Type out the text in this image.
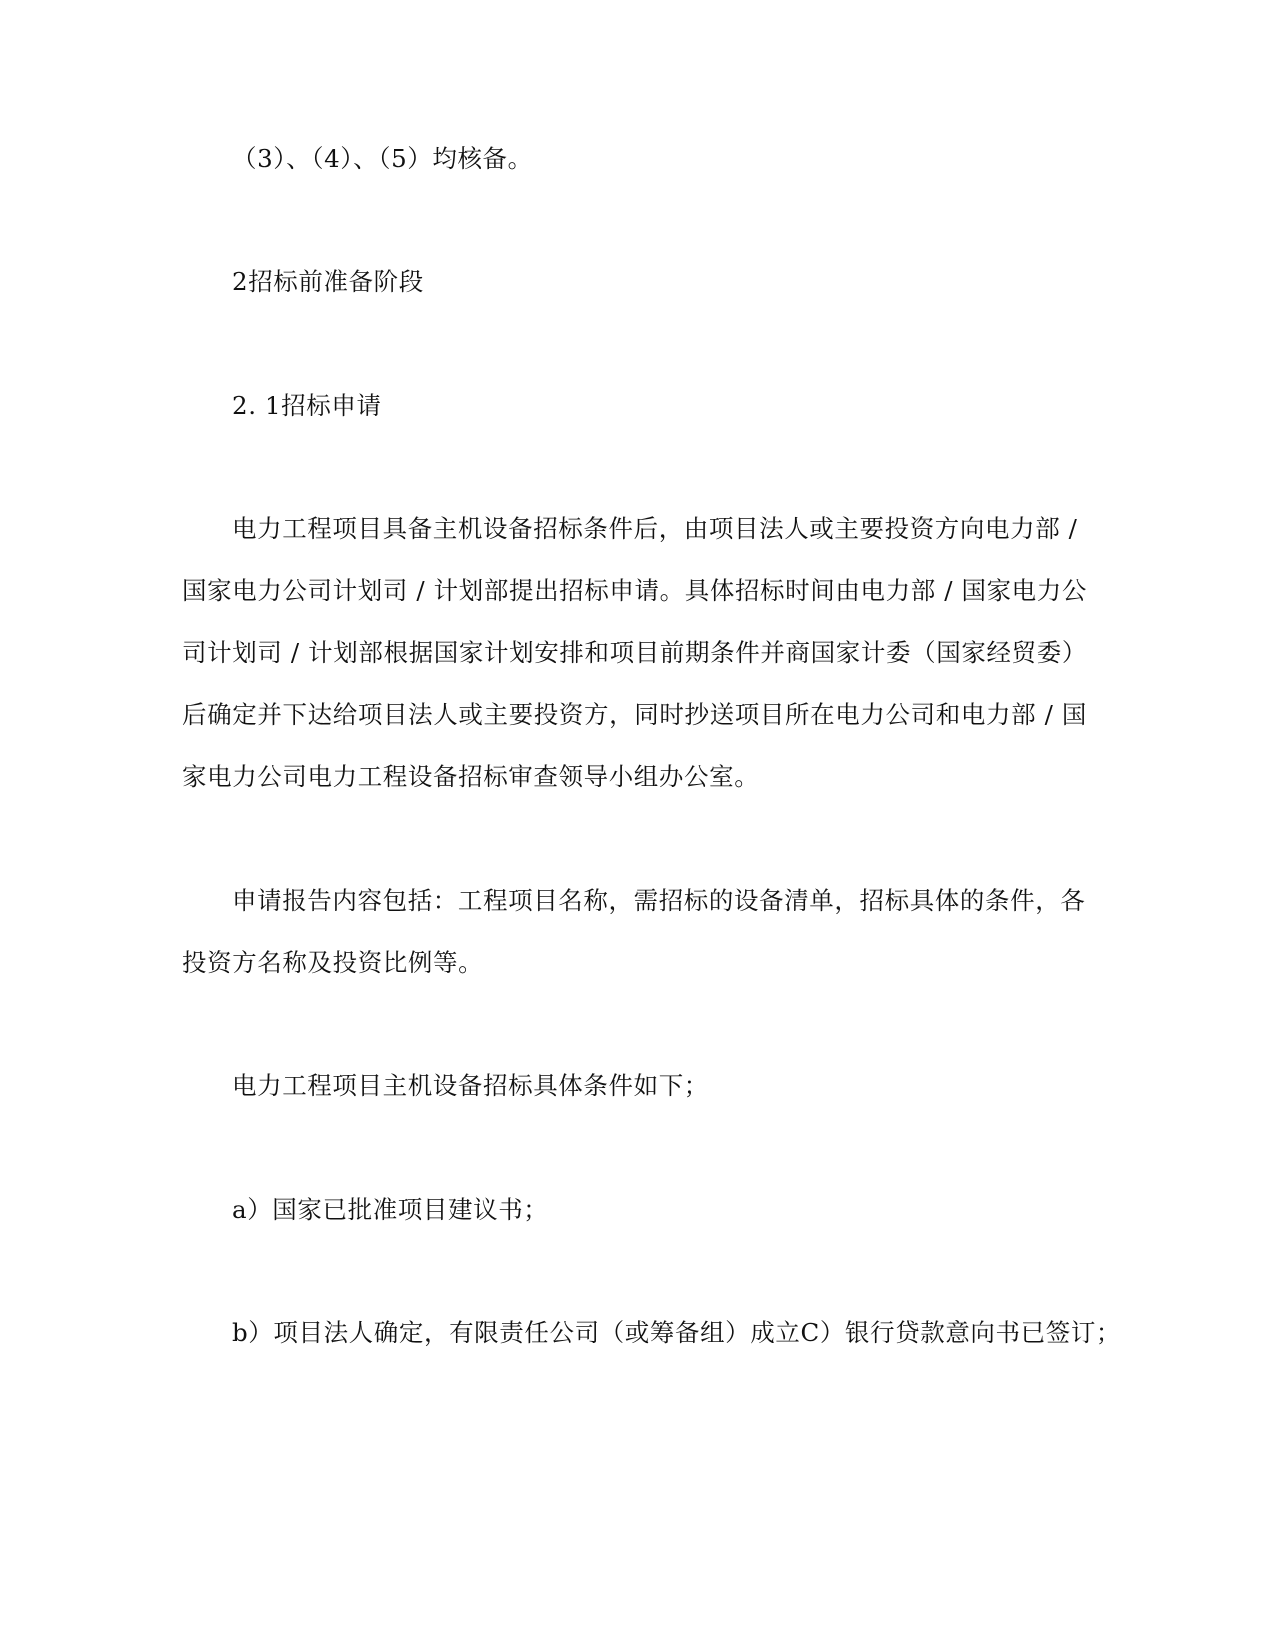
（3）、（4）、（5）均核备。
2招标前准备阶段
2. 1招标申请
电力工程项目具备主机设备招标条件后，由项目法人或主要投资方向电力部 /
国家电力公司计划司 / 计划部提出招标申请。具体招标时间由电力部 / 国家电力公
司计划司 / 计划部根据国家计划安排和项目前期条件并商国家计委（国家经贸委）
后确定并下达给项目法人或主要投资方，同时抄送项目所在电力公司和电力部 / 国
家电力公司电力工程设备招标审查领导小组办公室。
申请报告内容包括：工程项目名称，需招标的设备清单，招标具体的条件，各
投资方名称及投资比例等。
电力工程项目主机设备招标具体条件如下；
a）国家已批准项目建议书；
b）项目法人确定，有限责任公司（或筹备组）成立C）银行贷款意向书已签订；
